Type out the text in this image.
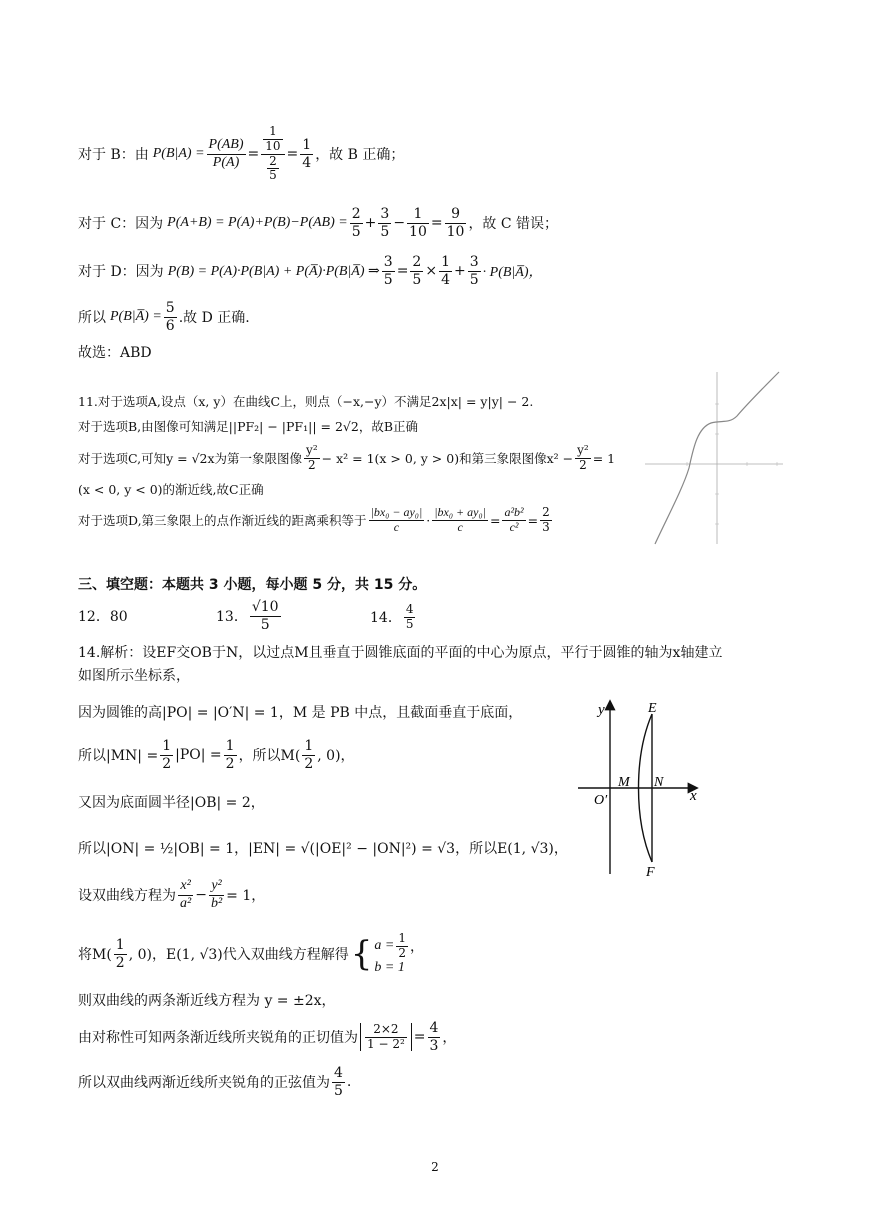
对于 B：由 $P(B|A) = \frac{P(AB)}{P(A)} = \frac{\frac{1}{10}}{\frac{2}{5}} = \frac{1}{4}$ ，故 B 正确；
对于 C：因为 $P(A+B) = P(A)+P(B)-P(AB) = \frac{2}{5} + \frac{3}{5} - \frac{1}{10} = \frac{9}{10}$ ，故 C 错误；
对于 D：因为 P(B) = P(A)·P(B|A) + P(A̅)·P(B|A̅) ⇒ $\frac{3}{5} = \frac{2}{5} \times \frac{1}{4} + \frac{3}{5}$ · P(B|A̅)，
所以 P(B|A̅) = $\frac{5}{6}$ .故 D 正确.
故选：ABD
11.对于选项A,设点（x, y）在曲线C上，则点（−x,−y）不满足2x|x| = y|y| − 2.
对于选项B,由图像可知满足||PF₂| − |PF₁|| = 2√2，故B正确
对于选项C,可知y = √2x为第一象限图像 $\frac{\text{y²}}{2} - x^2 = 1(x > 0$, y > 0)和第三象限图像$x^2 - \frac{\text{y²}}{2} = 1$
(x < 0, y < 0)的渐近线,故C正确
对于选项D,第三象限上的点作渐近线的距离乘积等于 $\frac{\text{|bx₀ − ay₀|}}{c} \cdot \frac{\text{|bx₀ + ay₀|}}{c} = \frac{\text{a²b²}}{\text{c²}} = \frac{2}{3}$
三、填空题：本题共 3 小题，每小题 5 分，共 15 分。
12．80	13． $\frac{√10}{5}$	14． $\frac{4}{5}$
14.解析：设EF交OB于N，以过点M且垂直于圆锥底面的平面的中心为原点，平行于圆锥的轴为x轴建立
如图所示坐标系，
因为圆锥的高|PO| = |O′N| = 1，M 是 PB 中点，且截面垂直于底面，
所以$|MN| = \frac{1}{2} |PO| = \frac{1}{2}$ ，所以$M( \frac{1}{2}$ , 0)，
又因为底面圆半径|OB| = 2，
所以|ON| = ½|OB| = 1，|EN| = √(|OE|² − |ON|²) = √3，所以E(1, √3)，
设双曲线方程为 $\frac{\text{x²}}{\text{a²}} - \frac{\text{y²}}{\text{b²}} = 1$，
将$M( \frac{1}{2}$ , 0)，E(1, √3)代入双曲线方程解得 { $a = \frac{1}{2}$ ，
b = 1
则双曲线的两条渐近线方程为 y = ±2x，
由对称性可知两条渐近线所夹锐角的正切值为 $\frac{2\times 2}{\text{1 − 2²}} = \frac{4}{3}$ ，
所以双曲线两渐近线所夹锐角的正弦值为 $\frac{4}{5}$ .
x
y
O′
M N
E
F
2
